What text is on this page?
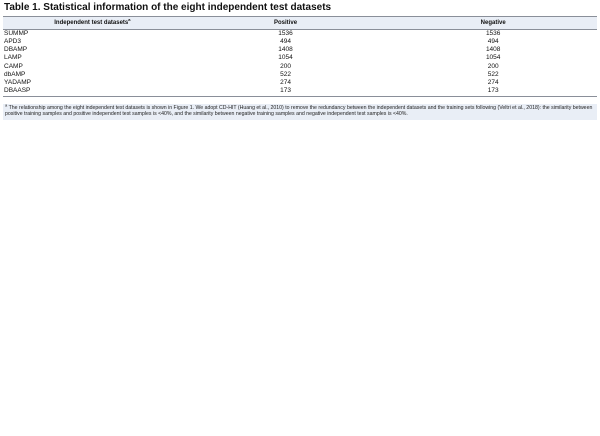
Table 1. Statistical information of the eight independent test datasets
Independent test datasets$^a$	Positive	Negative
SUMMP	1536	1536
APD3	494	494
DBAMP	1408	1408
LAMP	1054	1054
CAMP	200	200
dbAMP	522	522
YADAMP	274	274
DBAASP	173	173
$^a$ The relationship among the eight independent test datasets is shown in Figure 1. We adopt CD-HIT (Huang et al., 2010) to remove the redundancy between the independent datasets and the training sets following (Veltri et al., 2018): the similarity between positive training samples and positive independent test samples is <40%, and the similarity between negative training samples and negative independent test samples is <40%.
